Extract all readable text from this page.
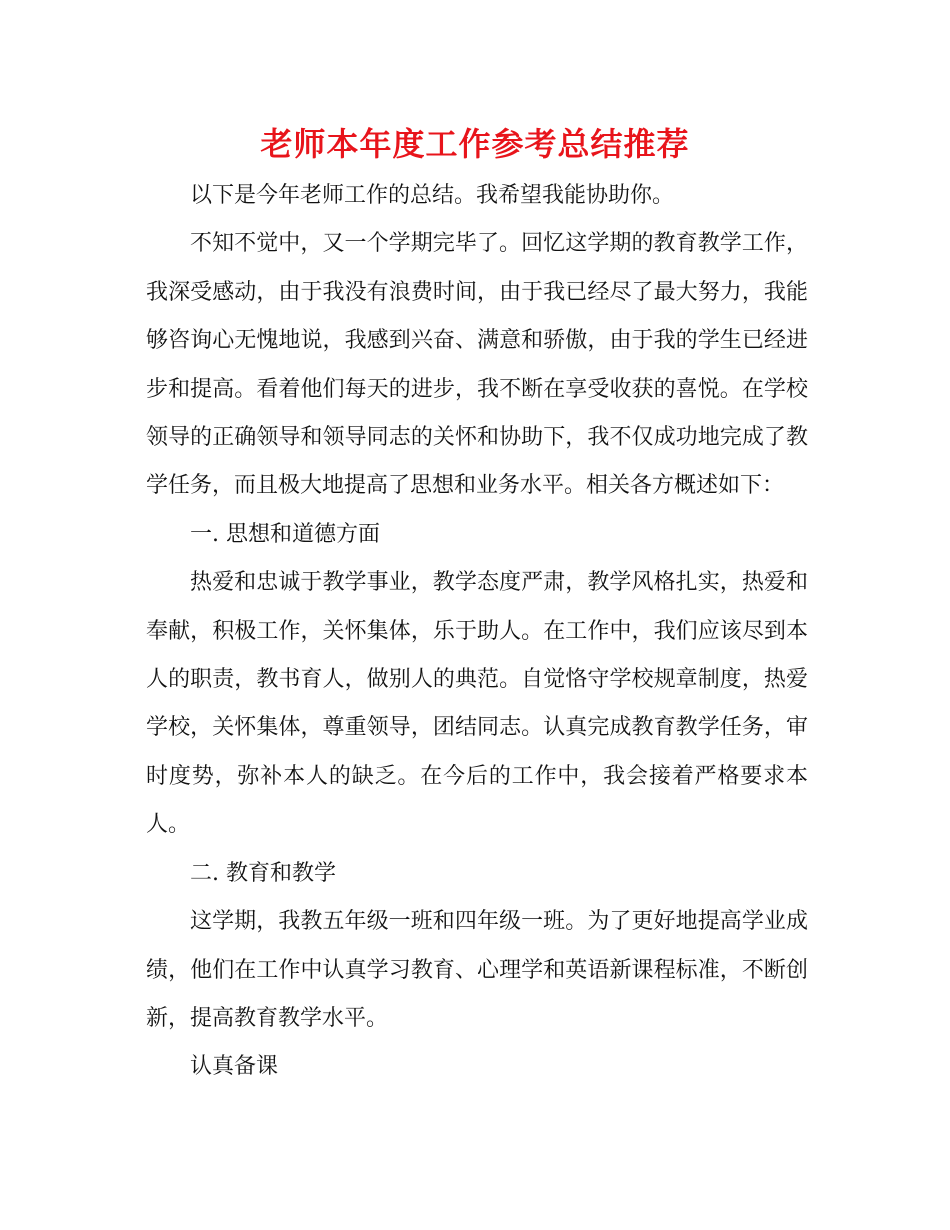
老师本年度工作参考总结推荐

以下是今年老师工作的总结。我希望我能协助你。

不知不觉中，又一个学期完毕了。回忆这学期的教育教学工作，我深受感动，由于我没有浪费时间，由于我已经尽了最大努力，我能够咨询心无愧地说，我感到兴奋、满意和骄傲，由于我的学生已经进步和提高。看着他们每天的进步，我不断在享受收获的喜悦。在学校领导的正确领导和领导同志的关怀和协助下，我不仅成功地完成了教学任务，而且极大地提高了思想和业务水平。相关各方概述如下：

一. 思想和道德方面

热爱和忠诚于教学事业，教学态度严肃，教学风格扎实，热爱和奉献，积极工作，关怀集体，乐于助人。在工作中，我们应该尽到本人的职责，教书育人，做别人的典范。自觉恪守学校规章制度，热爱学校，关怀集体，尊重领导，团结同志。认真完成教育教学任务，审时度势，弥补本人的缺乏。在今后的工作中，我会接着严格要求本人。

二. 教育和教学

这学期，我教五年级一班和四年级一班。为了更好地提高学业成绩，他们在工作中认真学习教育、心理学和英语新课程标准，不断创新，提高教育教学水平。

认真备课
